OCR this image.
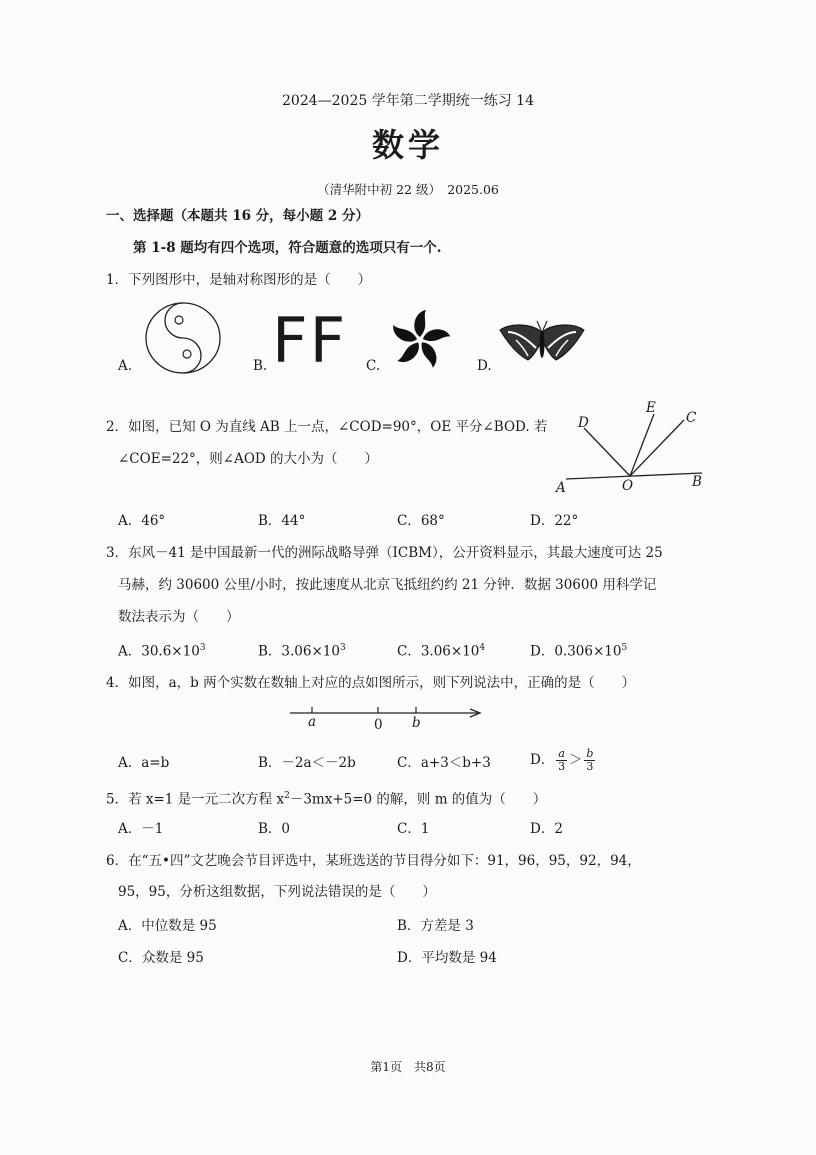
2024—2025 学年第二学期统一练习 14
数学
（清华附中初 22 级）　2025.06
一、选择题（本题共 16 分，每小题 2 分）
第 1-8 题均有四个选项，符合题意的选项只有一个.
1．下列图形中，是轴对称图形的是（　　）
A.	B. FF C.	D.
2．如图，已知 O 为直线 AB 上一点，∠COD=90°，OE 平分∠BOD. 若
∠COE=22°，则∠AOD 的大小为（　　）
D
E
C
A	O	B
A．46°	B．44°	C．68°	D．22°
3．东风－41 是中国最新一代的洲际战略导弹（ICBM），公开资料显示，其最大速度可达 25
马赫，约 30600 公里/小时，按此速度从北京飞抵纽约约 21 分钟．数据 30600 用科学记
数法表示为（　　）
A．$30.6\times 10^3$	B．$3.06\times 10^3$	C．$3.06\times 10^4$	D．$0.306\times 10^5$
4．如图，a，b 两个实数在数轴上对应的点如图所示，则下列说法中，正确的是（　　）
a	0 b
A．a=b	B．－2a＜－2b	C．a+3＜b+3	D． $\frac{a}{3} > \frac{b}{3}$
5．若 x=1 是一元二次方程 $x^2-3mx+5=0$ 的解，则 m 的值为（　　）
A．－1	B．0	C．1	D．2
6．在“五•四”文艺晚会节目评选中，某班选送的节目得分如下：91，96，95，92，94，
95，95，分析这组数据，下列说法错误的是（　　）
A．中位数是 95	B．方差是 3
C．众数是 95	D．平均数是 94
第1页　共8页
